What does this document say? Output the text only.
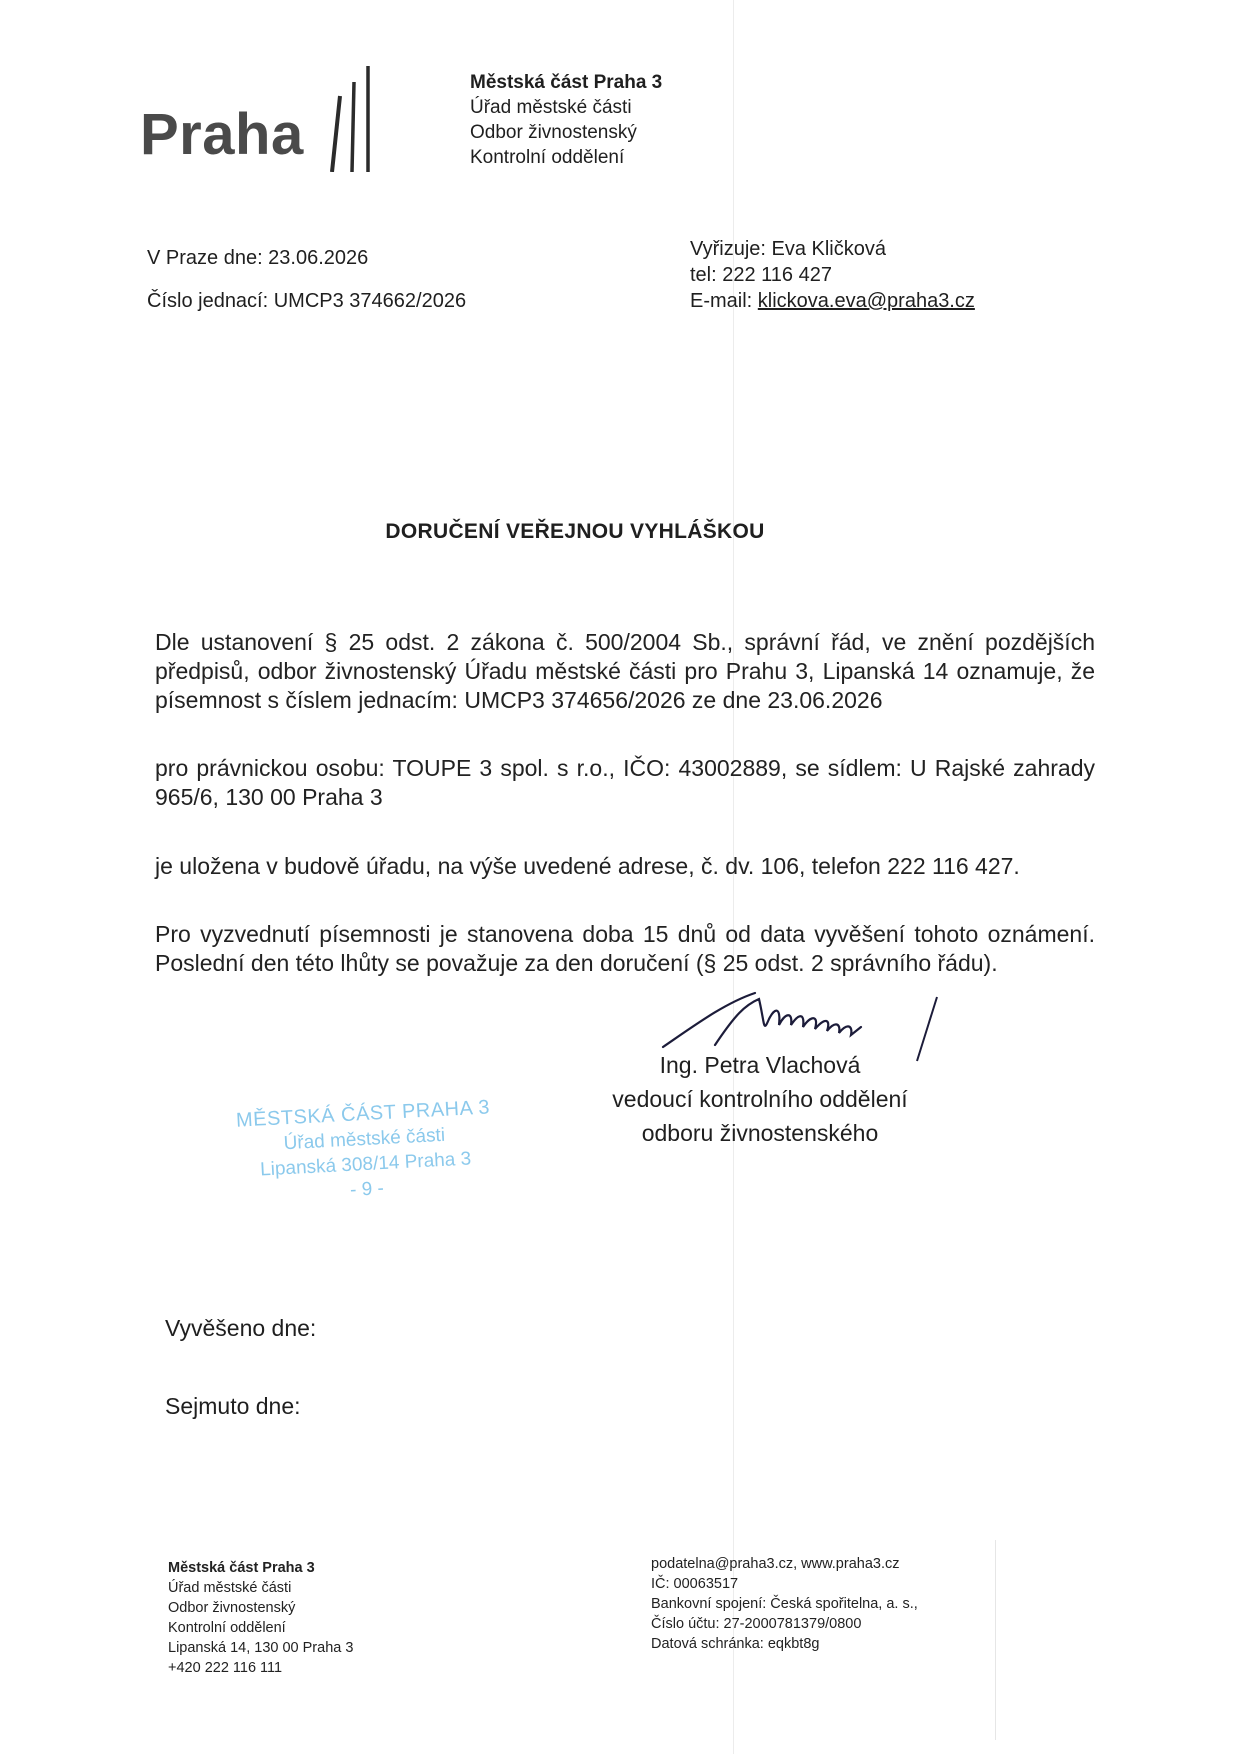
Praha
Městská část Praha 3
Úřad městské části
Odbor živnostenský
Kontrolní oddělení
V Praze dne: 23.06.2026
Číslo jednací: UMCP3 374662/2026
Vyřizuje: Eva Kličková
tel: 222 116 427
E-mail: klickova.eva@praha3.cz
DORUČENÍ VEŘEJNOU VYHLÁŠKOU
Dle ustanovení § 25 odst. 2 zákona č. 500/2004 Sb., správní řád, ve znění pozdějších předpisů, odbor živnostenský Úřadu městské části pro Prahu 3, Lipanská 14 oznamuje, že písemnost s číslem jednacím: UMCP3 374656/2026 ze dne 23.06.2026
pro právnickou osobu: TOUPE 3 spol. s r.o., IČO: 43002889, se sídlem: U Rajské zahrady 965/6, 130 00 Praha 3
je uložena v budově úřadu, na výše uvedené adrese, č. dv. 106, telefon 222 116 427.
Pro vyzvednutí písemnosti je stanovena doba 15 dnů od data vyvěšení tohoto oznámení. Poslední den této lhůty se považuje za den doručení (§ 25 odst. 2 správního řádu).
Ing. Petra Vlachová
vedoucí kontrolního oddělení
odboru živnostenského
MĚSTSKÁ ČÁST PRAHA 3
Úřad městské části
Lipanská 308/14 Praha 3
- 9 -
Vyvěšeno dne:
Sejmuto dne:
Městská část Praha 3
Úřad městské části
Odbor živnostenský
Kontrolní oddělení
Lipanská 14, 130 00 Praha 3
+420 222 116 111
podatelna@praha3.cz, www.praha3.cz
IČ: 00063517
Bankovní spojení: Česká spořitelna, a. s.,
Číslo účtu: 27-2000781379/0800
Datová schránka: eqkbt8g
